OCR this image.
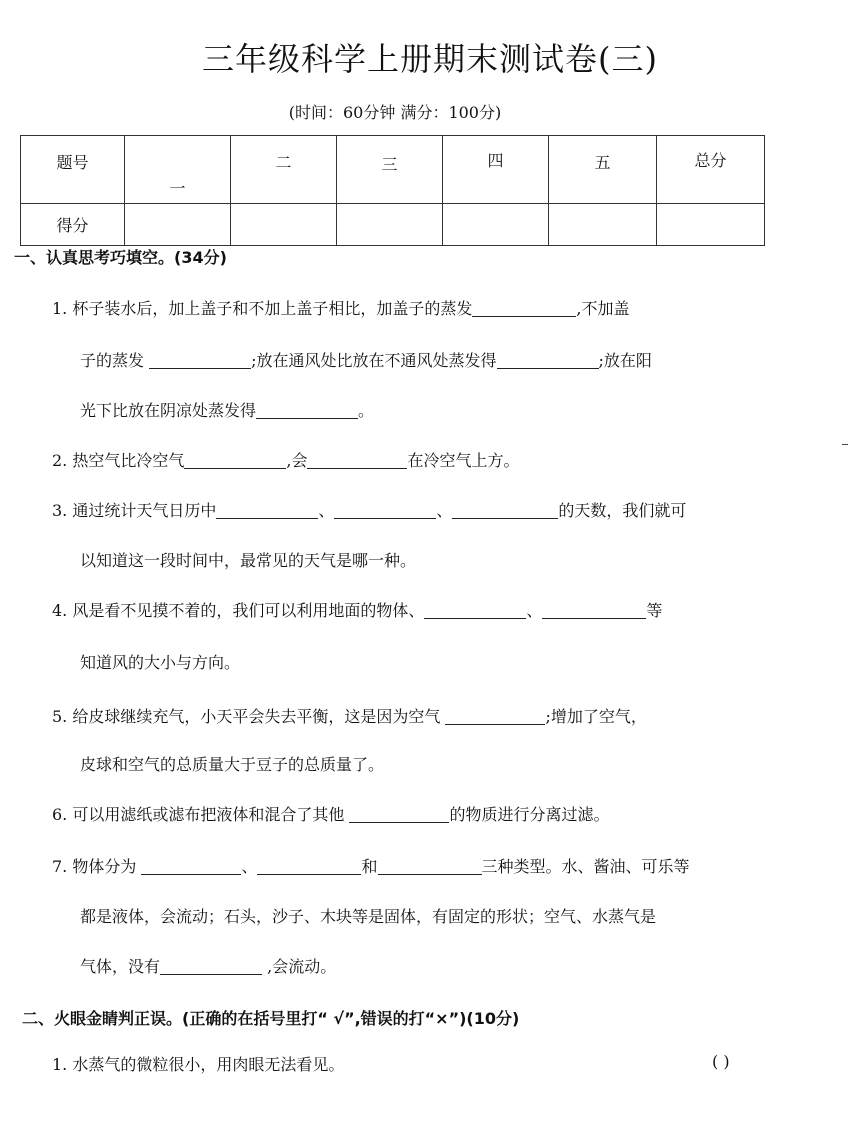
三年级科学上册期末测试卷(三)
(时间：60分钟 满分：100分)
题号	一	二	三	四	五	总分
得分						
一、认真思考巧填空。(34分)
1. 杯子装水后，加上盖子和不加上盖子相比，加盖子的蒸发	,不加盖
子的蒸发	;放在通风处比放在不通风处蒸发得	;放在阳
光下比放在阴凉处蒸发得	。
2. 热空气比冷空气	,会	在冷空气上方。
3. 通过统计天气日历中	、	、	的天数，我们就可
以知道这一段时间中，最常见的天气是哪一种。
4. 风是看不见摸不着的，我们可以利用地面的物体、	、	等
知道风的大小与方向。
5. 给皮球继续充气，小天平会失去平衡，这是因为空气	;增加了空气，
皮球和空气的总质量大于豆子的总质量了。
6. 可以用滤纸或滤布把液体和混合了其他	的物质进行分离过滤。
7. 物体分为	、	和	三种类型。水、酱油、可乐等
都是液体，会流动；石头，沙子、木块等是固体，有固定的形状；空气、水蒸气是
气体，没有	,会流动。
二、火眼金睛判正误。(正确的在括号里打“ √”,错误的打“×”)(10分)
1. 水蒸气的微粒很小，用肉眼无法看见。	( )
